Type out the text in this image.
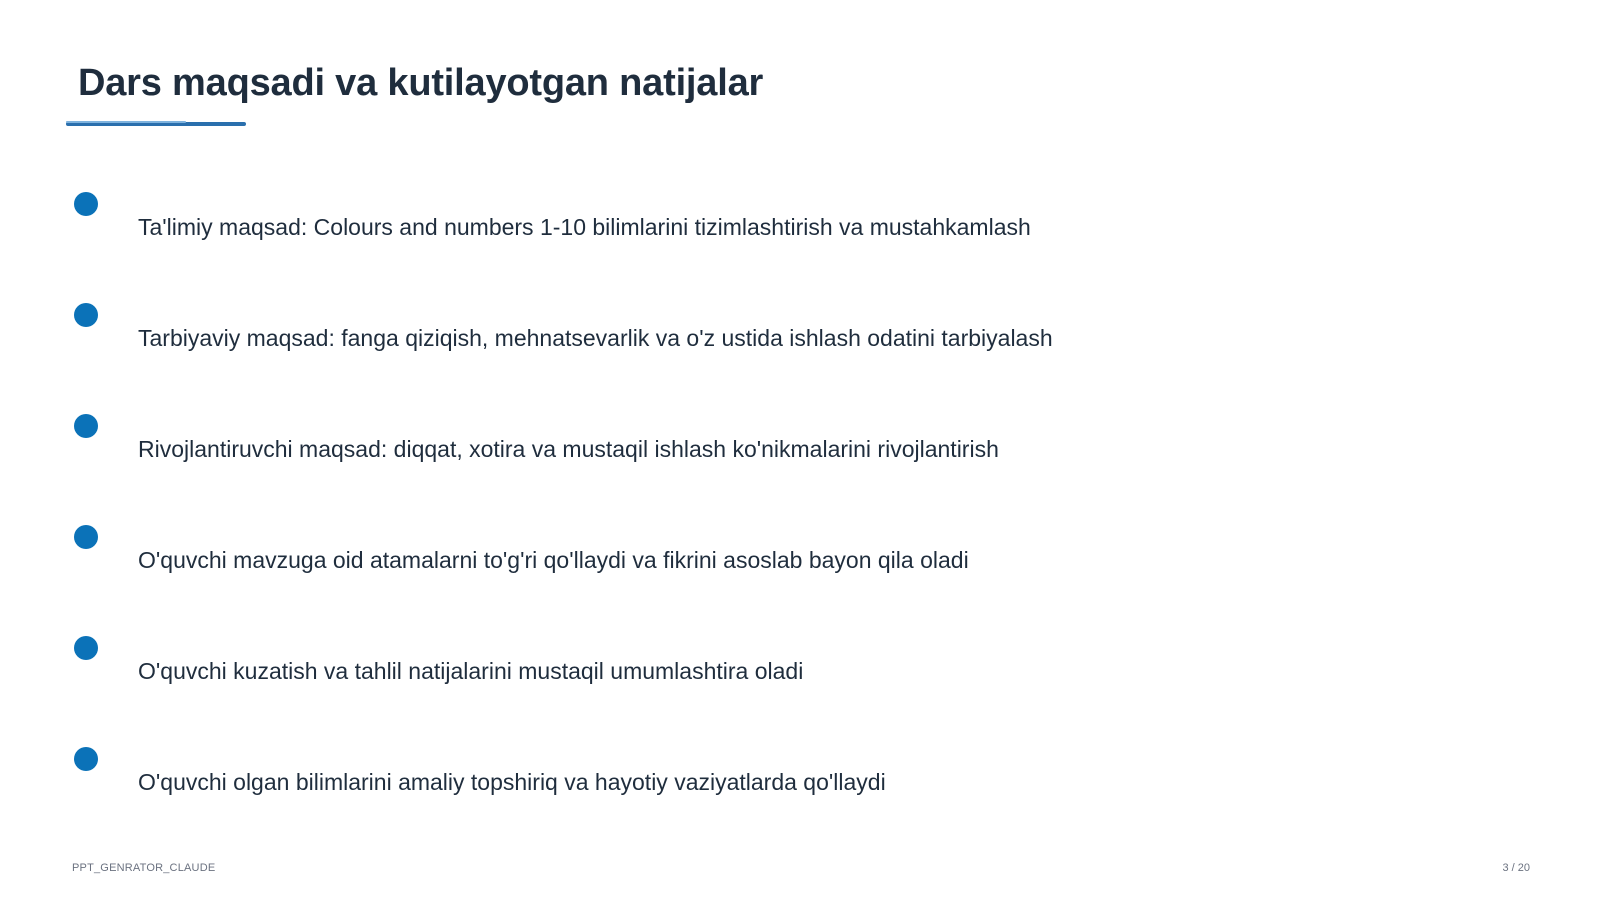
Dars maqsadi va kutilayotgan natijalar
Ta'limiy maqsad: Colours and numbers 1-10 bilimlarini tizimlashtirish va mustahkamlash
Tarbiyaviy maqsad: fanga qiziqish, mehnatsevarlik va o'z ustida ishlash odatini tarbiyalash
Rivojlantiruvchi maqsad: diqqat, xotira va mustaqil ishlash ko'nikmalarini rivojlantirish
O'quvchi mavzuga oid atamalarni to'g'ri qo'llaydi va fikrini asoslab bayon qila oladi
O'quvchi kuzatish va tahlil natijalarini mustaqil umumlashtira oladi
O'quvchi olgan bilimlarini amaliy topshiriq va hayotiy vaziyatlarda qo'llaydi
PPT_GENRATOR_CLAUDE	3 / 20
